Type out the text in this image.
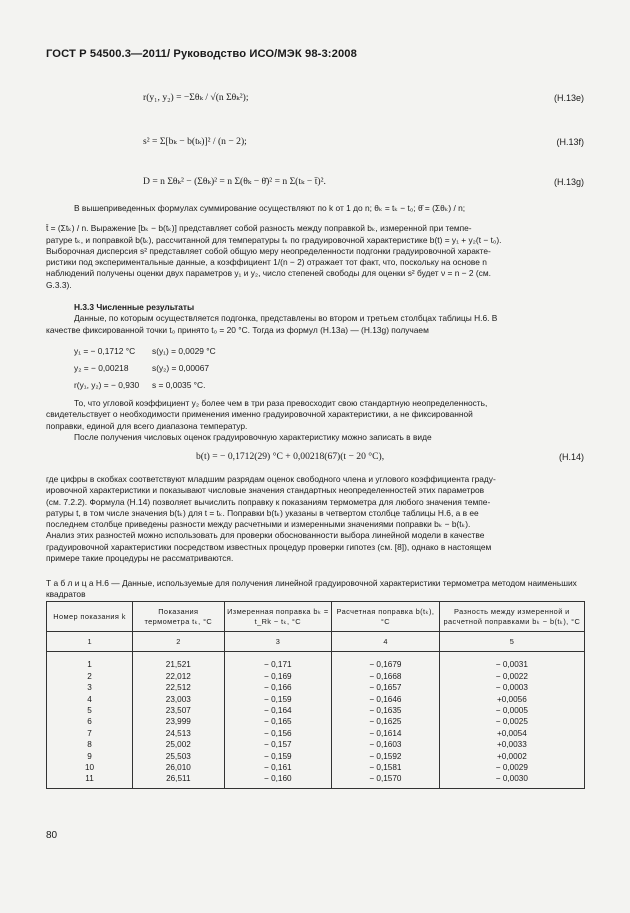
ГОСТ Р 54500.3—2011/ Руководство ИСО/МЭК 98-3:2008
r(y₁, y₂) = −Σθₖ / √(n Σθₖ²);	(H.13e)
s² = Σ[bₖ − b(tₖ)]² / (n − 2);	(H.13f)
D = n Σθₖ² − (Σθₖ)² = n Σ(θₖ − θ̄)² = n Σ(tₖ − t̄)².	(H.13g)
В вышеприведенных формулах суммирование осуществляют по k от 1 до n; θₖ = tₖ − t₀; θ̄ = (Σθₖ) / n;
t̄ = (Σtₖ) / n. Выражение [bₖ − b(tₖ)] представляет собой разность между поправкой bₖ, измеренной при темпе-
ратуре tₖ, и поправкой b(tₖ), рассчитанной для температуры tₖ по градуировочной характеристике b(t) = y₁ + y₂(t − t₀).
Выборочная дисперсия s² представляет собой общую меру неопределенности подгонки градуировочной характе-
ристики под экспериментальные данные, а коэффициент 1/(n − 2) отражает тот факт, что, поскольку на основе n
наблюдений получены оценки двух параметров y₁ и y₂, число степеней свободы для оценки s² будет ν = n − 2 (см.
G.3.3).
Н.3.3 Численные результаты
Данные, по которым осуществляется подгонка, представлены во втором и третьем столбцах таблицы Н.6. В
качестве фиксированной точки t₀ принято t₀ = 20 °C. Тогда из формул (Н.13а) — (Н.13g) получаем
y₁ = − 0,1712 °C s(y₁) = 0,0029 °C
y₂ = − 0,00218	s(y₂) = 0,00067
r(y₁, y₂) = − 0,930 s = 0,0035 °C.
То, что угловой коэффициент y₂ более чем в три раза превосходит свою стандартную неопределенность,
свидетельствует о необходимости применения именно градуировочной характеристики, а не фиксированной
поправки, единой для всего диапазона температур.
После получения числовых оценок градуировочную характеристику можно записать в виде
b(t) = − 0,1712(29) °C + 0,00218(67)(t − 20 °C),	(H.14)
где цифры в скобках соответствуют младшим разрядам оценок свободного члена и углового коэффициента граду-
ировочной характеристики и показывают числовые значения стандартных неопределенностей этих параметров
(см. 7.2.2). Формула (Н.14) позволяет вычислить поправку к показаниям термометра для любого значения темпе-
ратуры t, в том числе значения b(tₖ) для t = tₖ. Поправки b(tₖ) указаны в четвертом столбце таблицы Н.6, а в ее
последнем столбце приведены разности между расчетными и измеренными значениями поправки bₖ − b(tₖ).
Анализ этих разностей можно использовать для проверки обоснованности выбора линейной модели в качестве
градуировочной характеристики посредством известных процедур проверки гипотез (см. [8]), однако в настоящем
примере такие процедуры не рассматриваются.
Т а б л и ц а Н.6 — Данные, используемые для получения линейной градуировочной характеристики термометра методом наименьших квадратов
Номер показания k	Показания термометра tₖ, °C	Измеренная поправка bₖ = t_Rk − tₖ, °C	Расчетная поправка b(tₖ), °C	Разность между измеренной и расчетной поправками bₖ − b(tₖ), °C
1	2	3	4	5
1	21,521	− 0,171	− 0,1679	− 0,0031
2	22,012	− 0,169	− 0,1668	− 0,0022
3	22,512	− 0,166	− 0,1657	− 0,0003
4	23,003	− 0,159	− 0,1646	+0,0056
5	23,507	− 0,164	− 0,1635	− 0,0005
6	23,999	− 0,165	− 0,1625	− 0,0025
7	24,513	− 0,156	− 0,1614	+0,0054
8	25,002	− 0,157	− 0,1603	+0,0033
9	25,503	− 0,159	− 0,1592	+0,0002
10	26,010	− 0,161	− 0,1581	− 0,0029
11	26,511	− 0,160	− 0,1570	− 0,0030
80
